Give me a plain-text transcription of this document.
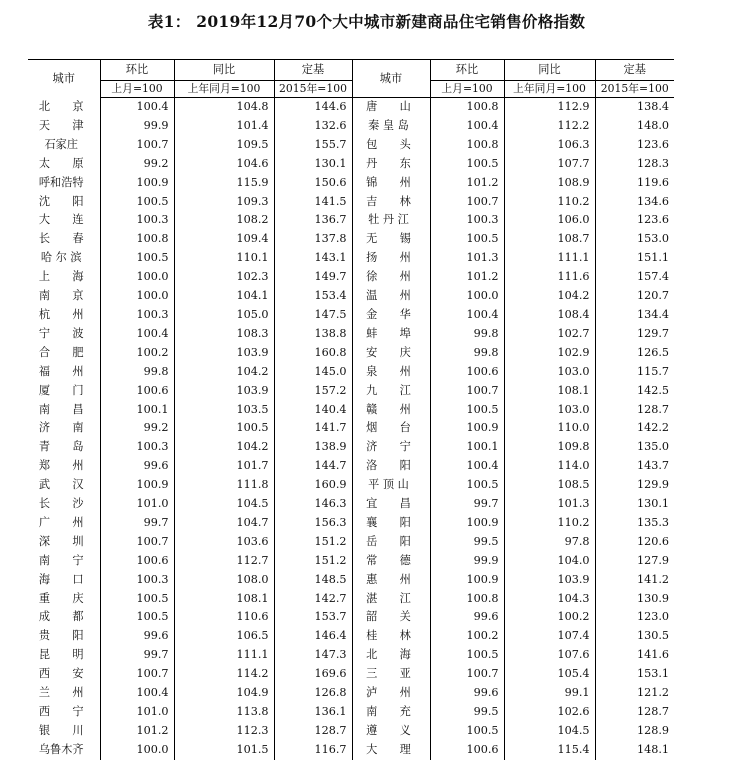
表1： 2019年12月70个大中城市新建商品住宅销售价格指数
城市	环比	同比	定基	城市	环比	同比	定基
	上月=100	上年同月=100	2015年=100		上月=100	上年同月=100	2015年=100
北　　京	100.4	104.8	144.6	唐　　山	100.8	112.9	138.4
天　　津	99.9	101.4	132.6	秦 皇 岛	100.4	112.2	148.0
石家庄	100.7	109.5	155.7	包　　头	100.8	106.3	123.6
太　　原	99.2	104.6	130.1	丹　　东	100.5	107.7	128.3
呼和浩特	100.9	115.9	150.6	锦　　州	101.2	108.9	119.6
沈　　阳	100.5	109.3	141.5	吉　　林	100.7	110.2	134.6
大　　连	100.3	108.2	136.7	牡 丹 江	100.3	106.0	123.6
长　　春	100.8	109.4	137.8	无　　锡	100.5	108.7	153.0
哈 尔 滨	100.5	110.1	143.1	扬　　州	101.3	111.1	151.1
上　　海	100.0	102.3	149.7	徐　　州	101.2	111.6	157.4
南　　京	100.0	104.1	153.4	温　　州	100.0	104.2	120.7
杭　　州	100.3	105.0	147.5	金　　华	100.4	108.4	134.4
宁　　波	100.4	108.3	138.8	蚌　　埠	99.8	102.7	129.7
合　　肥	100.2	103.9	160.8	安　　庆	99.8	102.9	126.5
福　　州	99.8	104.2	145.0	泉　　州	100.6	103.0	115.7
厦　　门	100.6	103.9	157.2	九　　江	100.7	108.1	142.5
南　　昌	100.1	103.5	140.4	赣　　州	100.5	103.0	128.7
济　　南	99.2	100.5	141.7	烟　　台	100.9	110.0	142.2
青　　岛	100.3	104.2	138.9	济　　宁	100.1	109.8	135.0
郑　　州	99.6	101.7	144.7	洛　　阳	100.4	114.0	143.7
武　　汉	100.9	111.8	160.9	平 顶 山	100.5	108.5	129.9
长　　沙	101.0	104.5	146.3	宜　　昌	99.7	101.3	130.1
广　　州	99.7	104.7	156.3	襄　　阳	100.9	110.2	135.3
深　　圳	100.7	103.6	151.2	岳　　阳	99.5	97.8	120.6
南　　宁	100.6	112.7	151.2	常　　德	99.9	104.0	127.9
海　　口	100.3	108.0	148.5	惠　　州	100.9	103.9	141.2
重　　庆	100.5	108.1	142.7	湛　　江	100.8	104.3	130.9
成　　都	100.5	110.6	153.7	韶　　关	99.6	100.2	123.0
贵　　阳	99.6	106.5	146.4	桂　　林	100.2	107.4	130.5
昆　　明	99.7	111.1	147.3	北　　海	100.5	107.6	141.6
西　　安	100.7	114.2	169.6	三　　亚	100.7	105.4	153.1
兰　　州	100.4	104.9	126.8	泸　　州	99.6	99.1	121.2
西　　宁	101.0	113.8	136.1	南　　充	99.5	102.6	128.7
银　　川	101.2	112.3	128.7	遵　　义	100.5	104.5	128.9
乌鲁木齐	100.0	101.5	116.7	大　　理	100.6	115.4	148.1
